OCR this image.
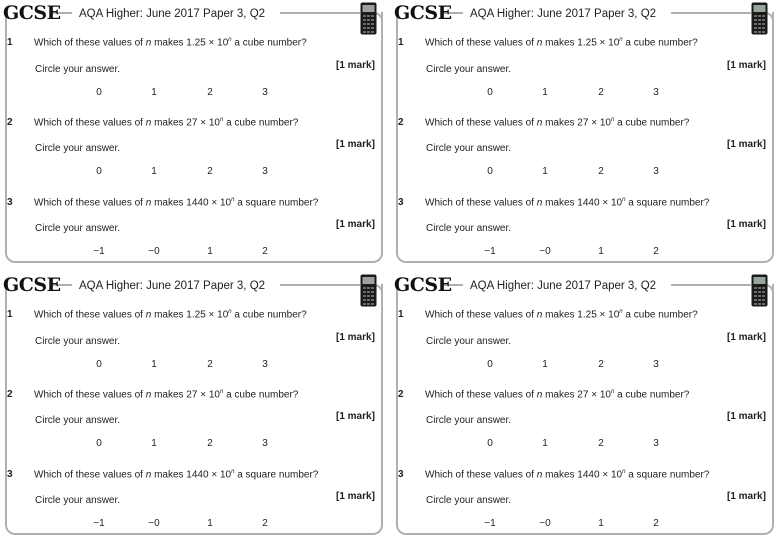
GCSE AQA Higher: June 2017 Paper 3, Q2
1 Which of these values of n makes $1.25 \times 10^n$ a cube number?
Circle your answer.	[1 mark]
0	1	2	3
2 Which of these values of n makes $27 \times 10^n$ a cube number?
Circle your answer.	[1 mark]
0	1	2	3
3 Which of these values of n makes $1440 \times 10^n$ a square number?
Circle your answer.	[1 mark]
−1	−0	1	2
GCSE AQA Higher: June 2017 Paper 3, Q2
1 Which of these values of n makes $1.25 \times 10^n$ a cube number?
Circle your answer.	[1 mark]
0	1	2	3
2 Which of these values of n makes $27 \times 10^n$ a cube number?
Circle your answer.	[1 mark]
0	1	2	3
3 Which of these values of n makes $1440 \times 10^n$ a square number?
Circle your answer.	[1 mark]
−1	−0	1	2
GCSE AQA Higher: June 2017 Paper 3, Q2
1 Which of these values of n makes $1.25 \times 10^n$ a cube number?
Circle your answer.	[1 mark]
0	1	2	3
2 Which of these values of n makes $27 \times 10^n$ a cube number?
Circle your answer.	[1 mark]
0	1	2	3
3 Which of these values of n makes $1440 \times 10^n$ a square number?
Circle your answer.	[1 mark]
−1	−0	1	2
GCSE AQA Higher: June 2017 Paper 3, Q2
1 Which of these values of n makes $1.25 \times 10^n$ a cube number?
Circle your answer.	[1 mark]
0	1	2	3
2 Which of these values of n makes $27 \times 10^n$ a cube number?
Circle your answer.	[1 mark]
0	1	2	3
3 Which of these values of n makes $1440 \times 10^n$ a square number?
Circle your answer.	[1 mark]
−1	−0	1	2
